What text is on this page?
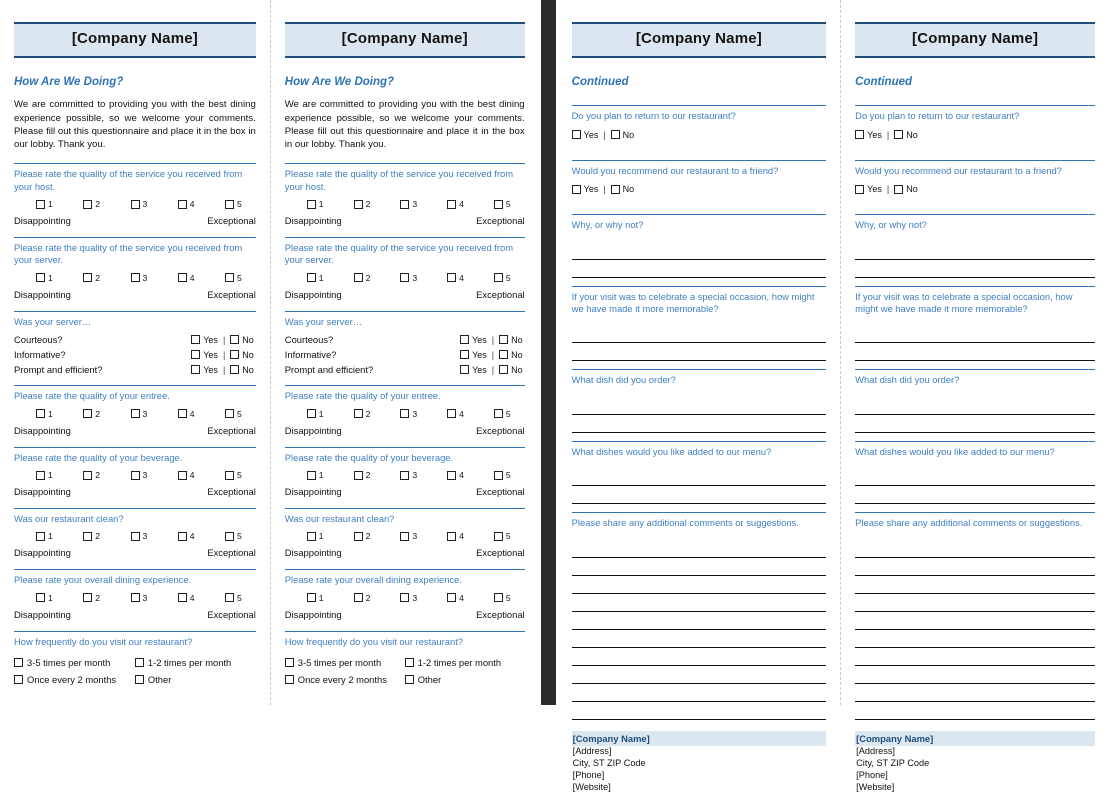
[Company Name]
How Are We Doing?

We are committed to providing you with the best dining experience possible, so we welcome your comments. Please fill out this questionnaire and place it in the box in our lobby. Thank you.

Please rate the quality of the service you received from your host.
1	2	3	4	5
Disappointing	Exceptional
Please rate the quality of the service you received from your server.
1	2	3	4	5
Disappointing	Exceptional
Was your server…
Courteous?	Yes | No
Informative?	Yes | No
Prompt and efficient?	Yes | No
Please rate the quality of your entree.
1	2	3	4	5
Disappointing	Exceptional
Please rate the quality of your beverage.
1	2	3	4	5
Disappointing	Exceptional
Was our restaurant clean?
1	2	3	4	5
Disappointing	Exceptional
Please rate your overall dining experience.
1	2	3	4	5
Disappointing	Exceptional
How frequently do you visit our restaurant?
3-5 times per month	1-2 times per month
Once every 2 months	Other
[Company Name]
How Are We Doing?

We are committed to providing you with the best dining experience possible, so we welcome your comments. Please fill out this questionnaire and place it in the box in our lobby. Thank you.

Please rate the quality of the service you received from your host.
1	2	3	4	5
Disappointing	Exceptional
Please rate the quality of the service you received from your server.
1	2	3	4	5
Disappointing	Exceptional
Was your server…
Courteous?	Yes | No
Informative?	Yes | No
Prompt and efficient?	Yes | No
Please rate the quality of your entree.
1	2	3	4	5
Disappointing	Exceptional
Please rate the quality of your beverage.
1	2	3	4	5
Disappointing	Exceptional
Was our restaurant clean?
1	2	3	4	5
Disappointing	Exceptional
Please rate your overall dining experience.
1	2	3	4	5
Disappointing	Exceptional
How frequently do you visit our restaurant?
3-5 times per month	1-2 times per month
Once every 2 months	Other
[Company Name]
Continued
Do you plan to return to our restaurant?
Yes | No
Would you recommend our restaurant to a friend?
Yes | No
Why, or why not?
If your visit was to celebrate a special occasion, how might we have made it more memorable?
What dish did you order?
What dishes would you like added to our menu?
Please share any additional comments or suggestions.
[Company Name]
[Address]
City, ST ZIP Code
[Phone]
[Website]
[Company Name]
Continued
Do you plan to return to our restaurant?
Yes | No
Would you recommend our restaurant to a friend?
Yes | No
Why, or why not?
If your visit was to celebrate a special occasion, how might we have made it more memorable?
What dish did you order?
What dishes would you like added to our menu?
Please share any additional comments or suggestions.
[Company Name]
[Address]
City, ST ZIP Code
[Phone]
[Website]
